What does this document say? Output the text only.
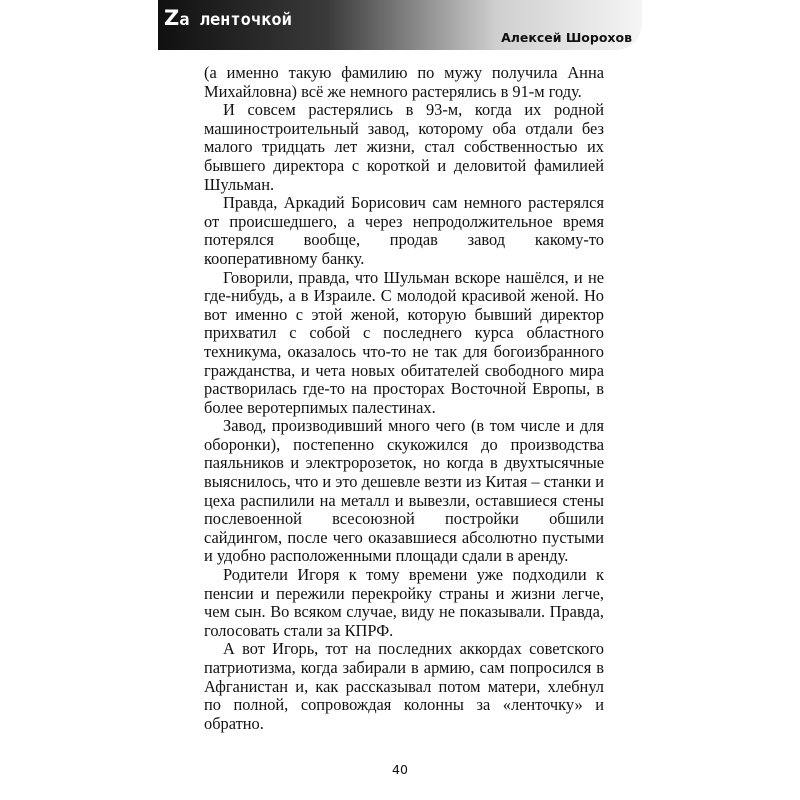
Zа ленточкой
Алексей Шорохов

(а именно такую фамилию по мужу получила Анна Михайловна) всё же немного растерялись в 91-м году.

И совсем растерялись в 93-м, когда их родной машиностроительный завод, которому оба отдали без малого тридцать лет жизни, стал собственностью их бывшего директора с короткой и деловитой фамилией Шульман.

Правда, Аркадий Борисович сам немного растерялся от происшедшего, а через непродолжительное время потерялся вообще, продав завод какому-то кооперативному банку.

Говорили, правда, что Шульман вскоре нашёлся, и не где-нибудь, а в Израиле. С молодой красивой женой. Но вот именно с этой женой, которую бывший директор прихватил с собой с последнего курса областного техникума, оказалось что-то не так для богоизбранного гражданства, и чета новых обитателей свободного мира растворилась где-то на просторах Восточной Европы, в более веротерпимых палестинах.

Завод, производивший много чего (в том числе и для оборонки), постепенно скукожился до производства паяльников и электророзеток, но когда в двухтысячные выяснилось, что и это дешевле везти из Китая – станки и цеха распилили на металл и вывезли, оставшиеся стены послевоенной всесоюзной постройки обшили сайдингом, после чего оказавшиеся абсолютно пустыми и удобно расположенными площади сдали в аренду.

Родители Игоря к тому времени уже подходили к пенсии и пережили перекройку страны и жизни легче, чем сын. Во всяком случае, виду не показывали. Правда, голосовать стали за КПРФ.

А вот Игорь, тот на последних аккордах советского патриотизма, когда забирали в армию, сам попросился в Афганистан и, как рассказывал потом матери, хлебнул по полной, сопровождая колонны за «ленточку» и обратно.

40
